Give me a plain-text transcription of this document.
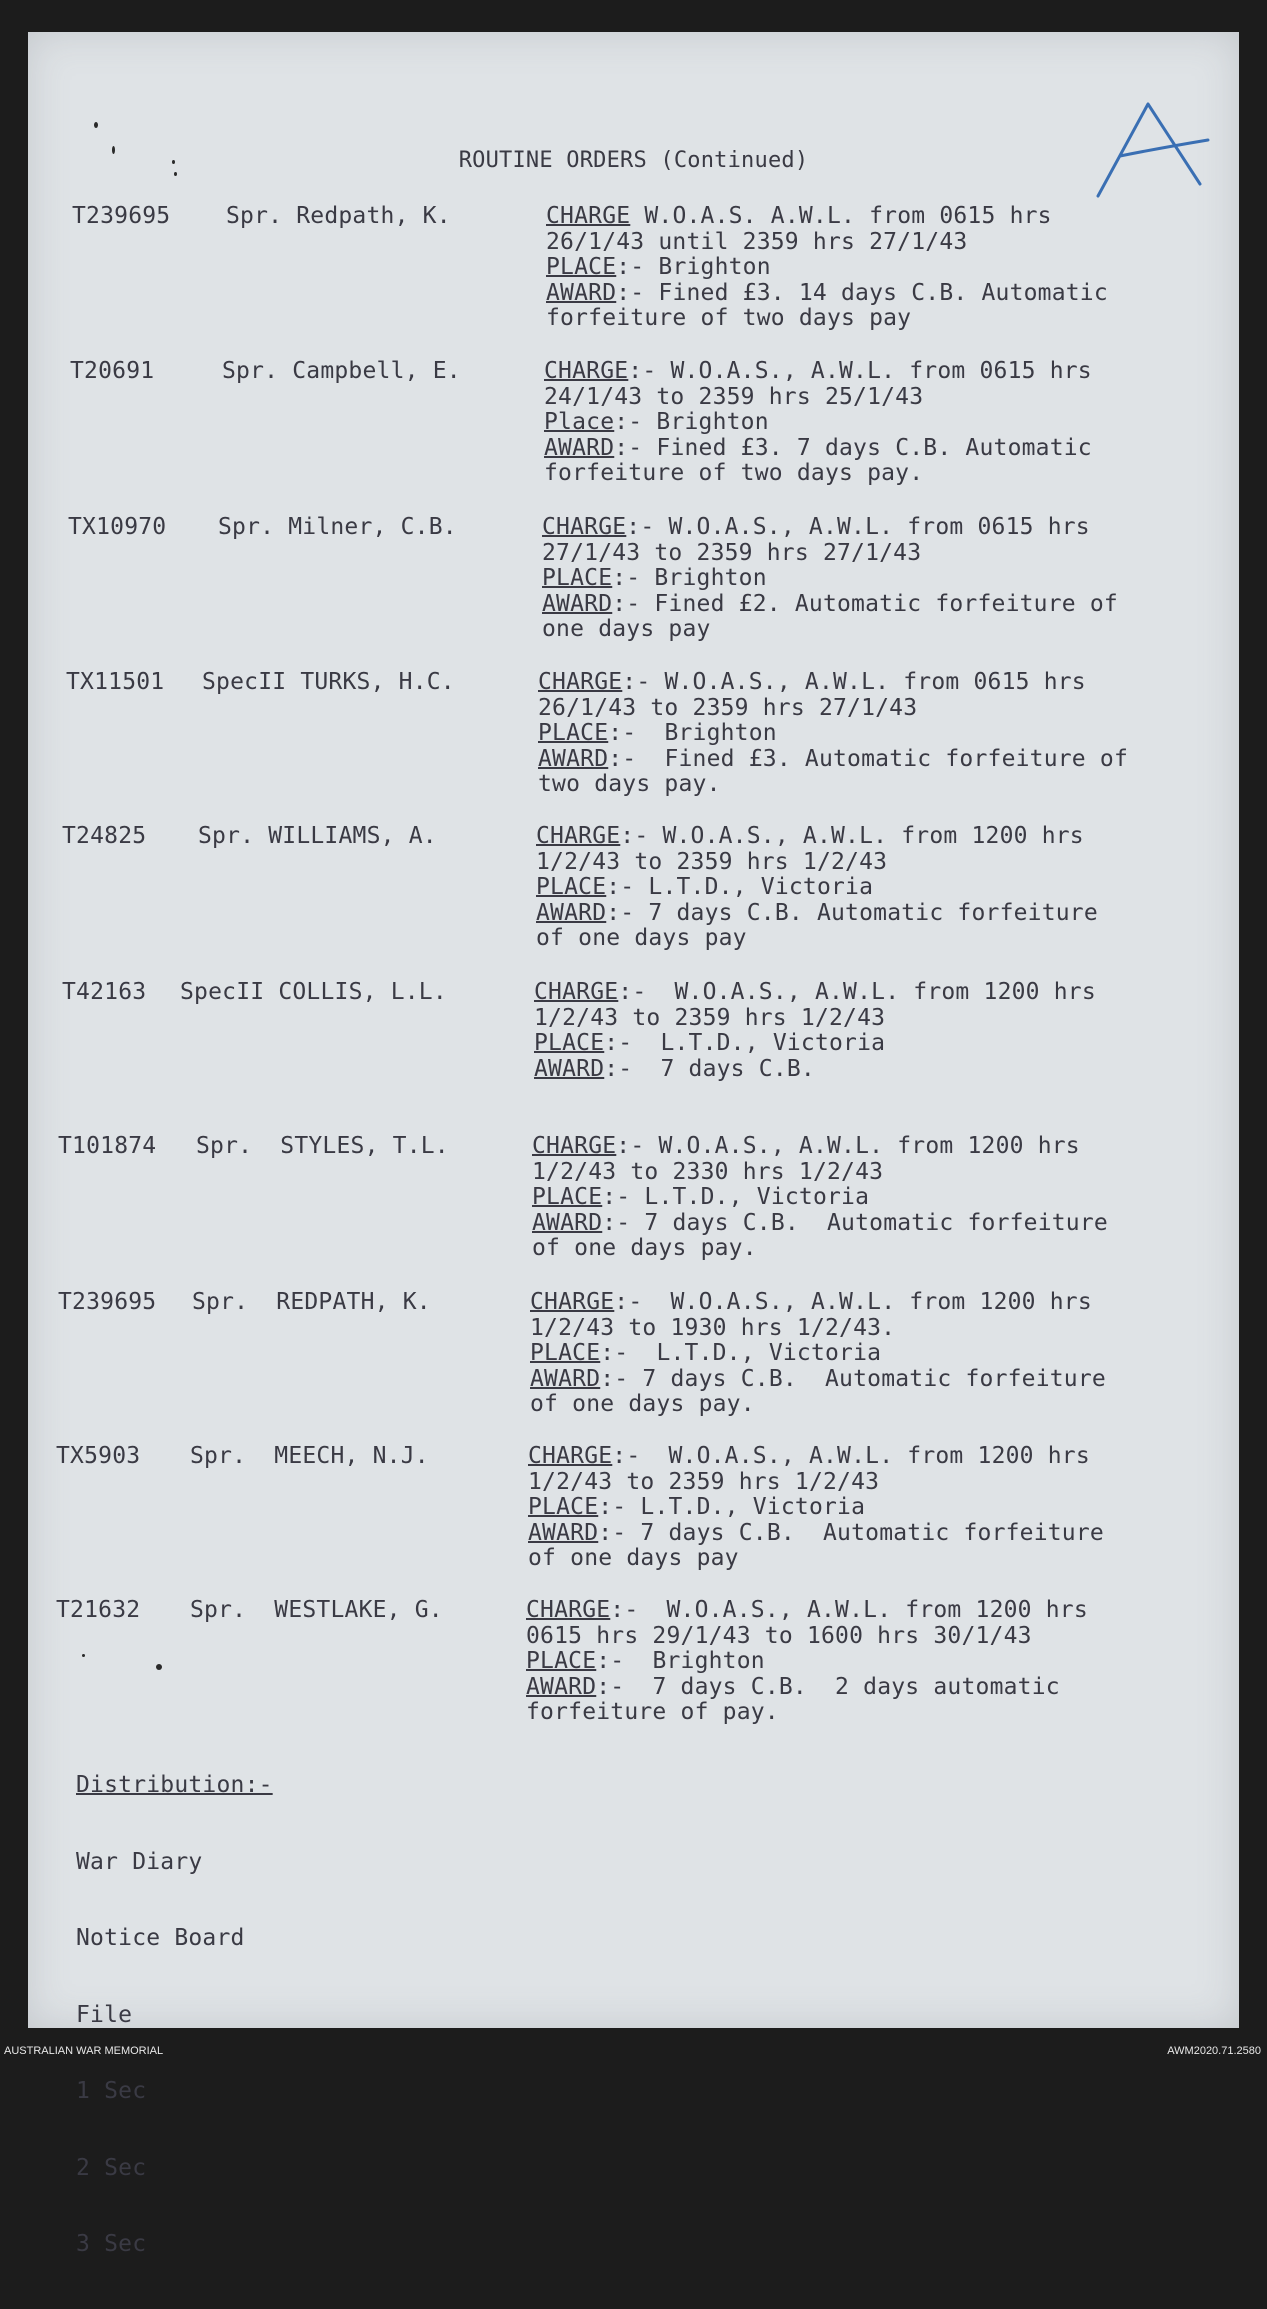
ROUTINE ORDERS (Continued)
T239695 Spr. Redpath, K.	CHARGE W.O.A.S. A.W.L. from 0615 hrs
26/1/43 until 2359 hrs 27/1/43
PLACE:- Brighton
AWARD:- Fined £3. 14 days C.B. Automatic
forfeiture of two days pay
T20691	Spr. Campbell, E.	CHARGE:- W.O.A.S., A.W.L. from 0615 hrs
24/1/43 to 2359 hrs 25/1/43
Place:- Brighton
AWARD:- Fined £3. 7 days C.B. Automatic
forfeiture of two days pay.
TX10970 Spr. Milner, C.B.	CHARGE:- W.O.A.S., A.W.L. from 0615 hrs
27/1/43 to 2359 hrs 27/1/43
PLACE:- Brighton
AWARD:- Fined £2. Automatic forfeiture of
one days pay
TX11501 SpecII TURKS, H.C.	CHARGE:- W.O.A.S., A.W.L. from 0615 hrs
26/1/43 to 2359 hrs 27/1/43
PLACE:-  Brighton
AWARD:-  Fined £3. Automatic forfeiture of
two days pay.
T24825 Spr. WILLIAMS, A.	CHARGE:- W.O.A.S., A.W.L. from 1200 hrs
1/2/43 to 2359 hrs 1/2/43
PLACE:- L.T.D., Victoria
AWARD:- 7 days C.B. Automatic forfeiture
of one days pay
T42163 SpecII COLLIS, L.L.	CHARGE:-  W.O.A.S., A.W.L. from 1200 hrs
1/2/43 to 2359 hrs 1/2/43
PLACE:-  L.T.D., Victoria
AWARD:-  7 days C.B.
T101874 Spr.  STYLES, T.L.	CHARGE:- W.O.A.S., A.W.L. from 1200 hrs
1/2/43 to 2330 hrs 1/2/43
PLACE:- L.T.D., Victoria
AWARD:- 7 days C.B.  Automatic forfeiture
of one days pay.
T239695 Spr.  REDPATH, K.	CHARGE:-  W.O.A.S., A.W.L. from 1200 hrs
1/2/43 to 1930 hrs 1/2/43.
PLACE:-  L.T.D., Victoria
AWARD:- 7 days C.B.  Automatic forfeiture
of one days pay.
TX5903 Spr.  MEECH, N.J.	CHARGE:-  W.O.A.S., A.W.L. from 1200 hrs
1/2/43 to 2359 hrs 1/2/43
PLACE:- L.T.D., Victoria
AWARD:- 7 days C.B.  Automatic forfeiture
of one days pay
T21632 Spr.  WESTLAKE, G.	CHARGE:-  W.O.A.S., A.W.L. from 1200 hrs
0615 hrs 29/1/43 to 1600 hrs 30/1/43
PLACE:-  Brighton
AWARD:-  7 days C.B.  2 days automatic
forfeiture of pay.

Distribution:-

War Diary

Notice Board

File

1 Sec

2 Sec

3 Sec

AUSTRALIAN WAR MEMORIAL	AWM2020.71.2580
